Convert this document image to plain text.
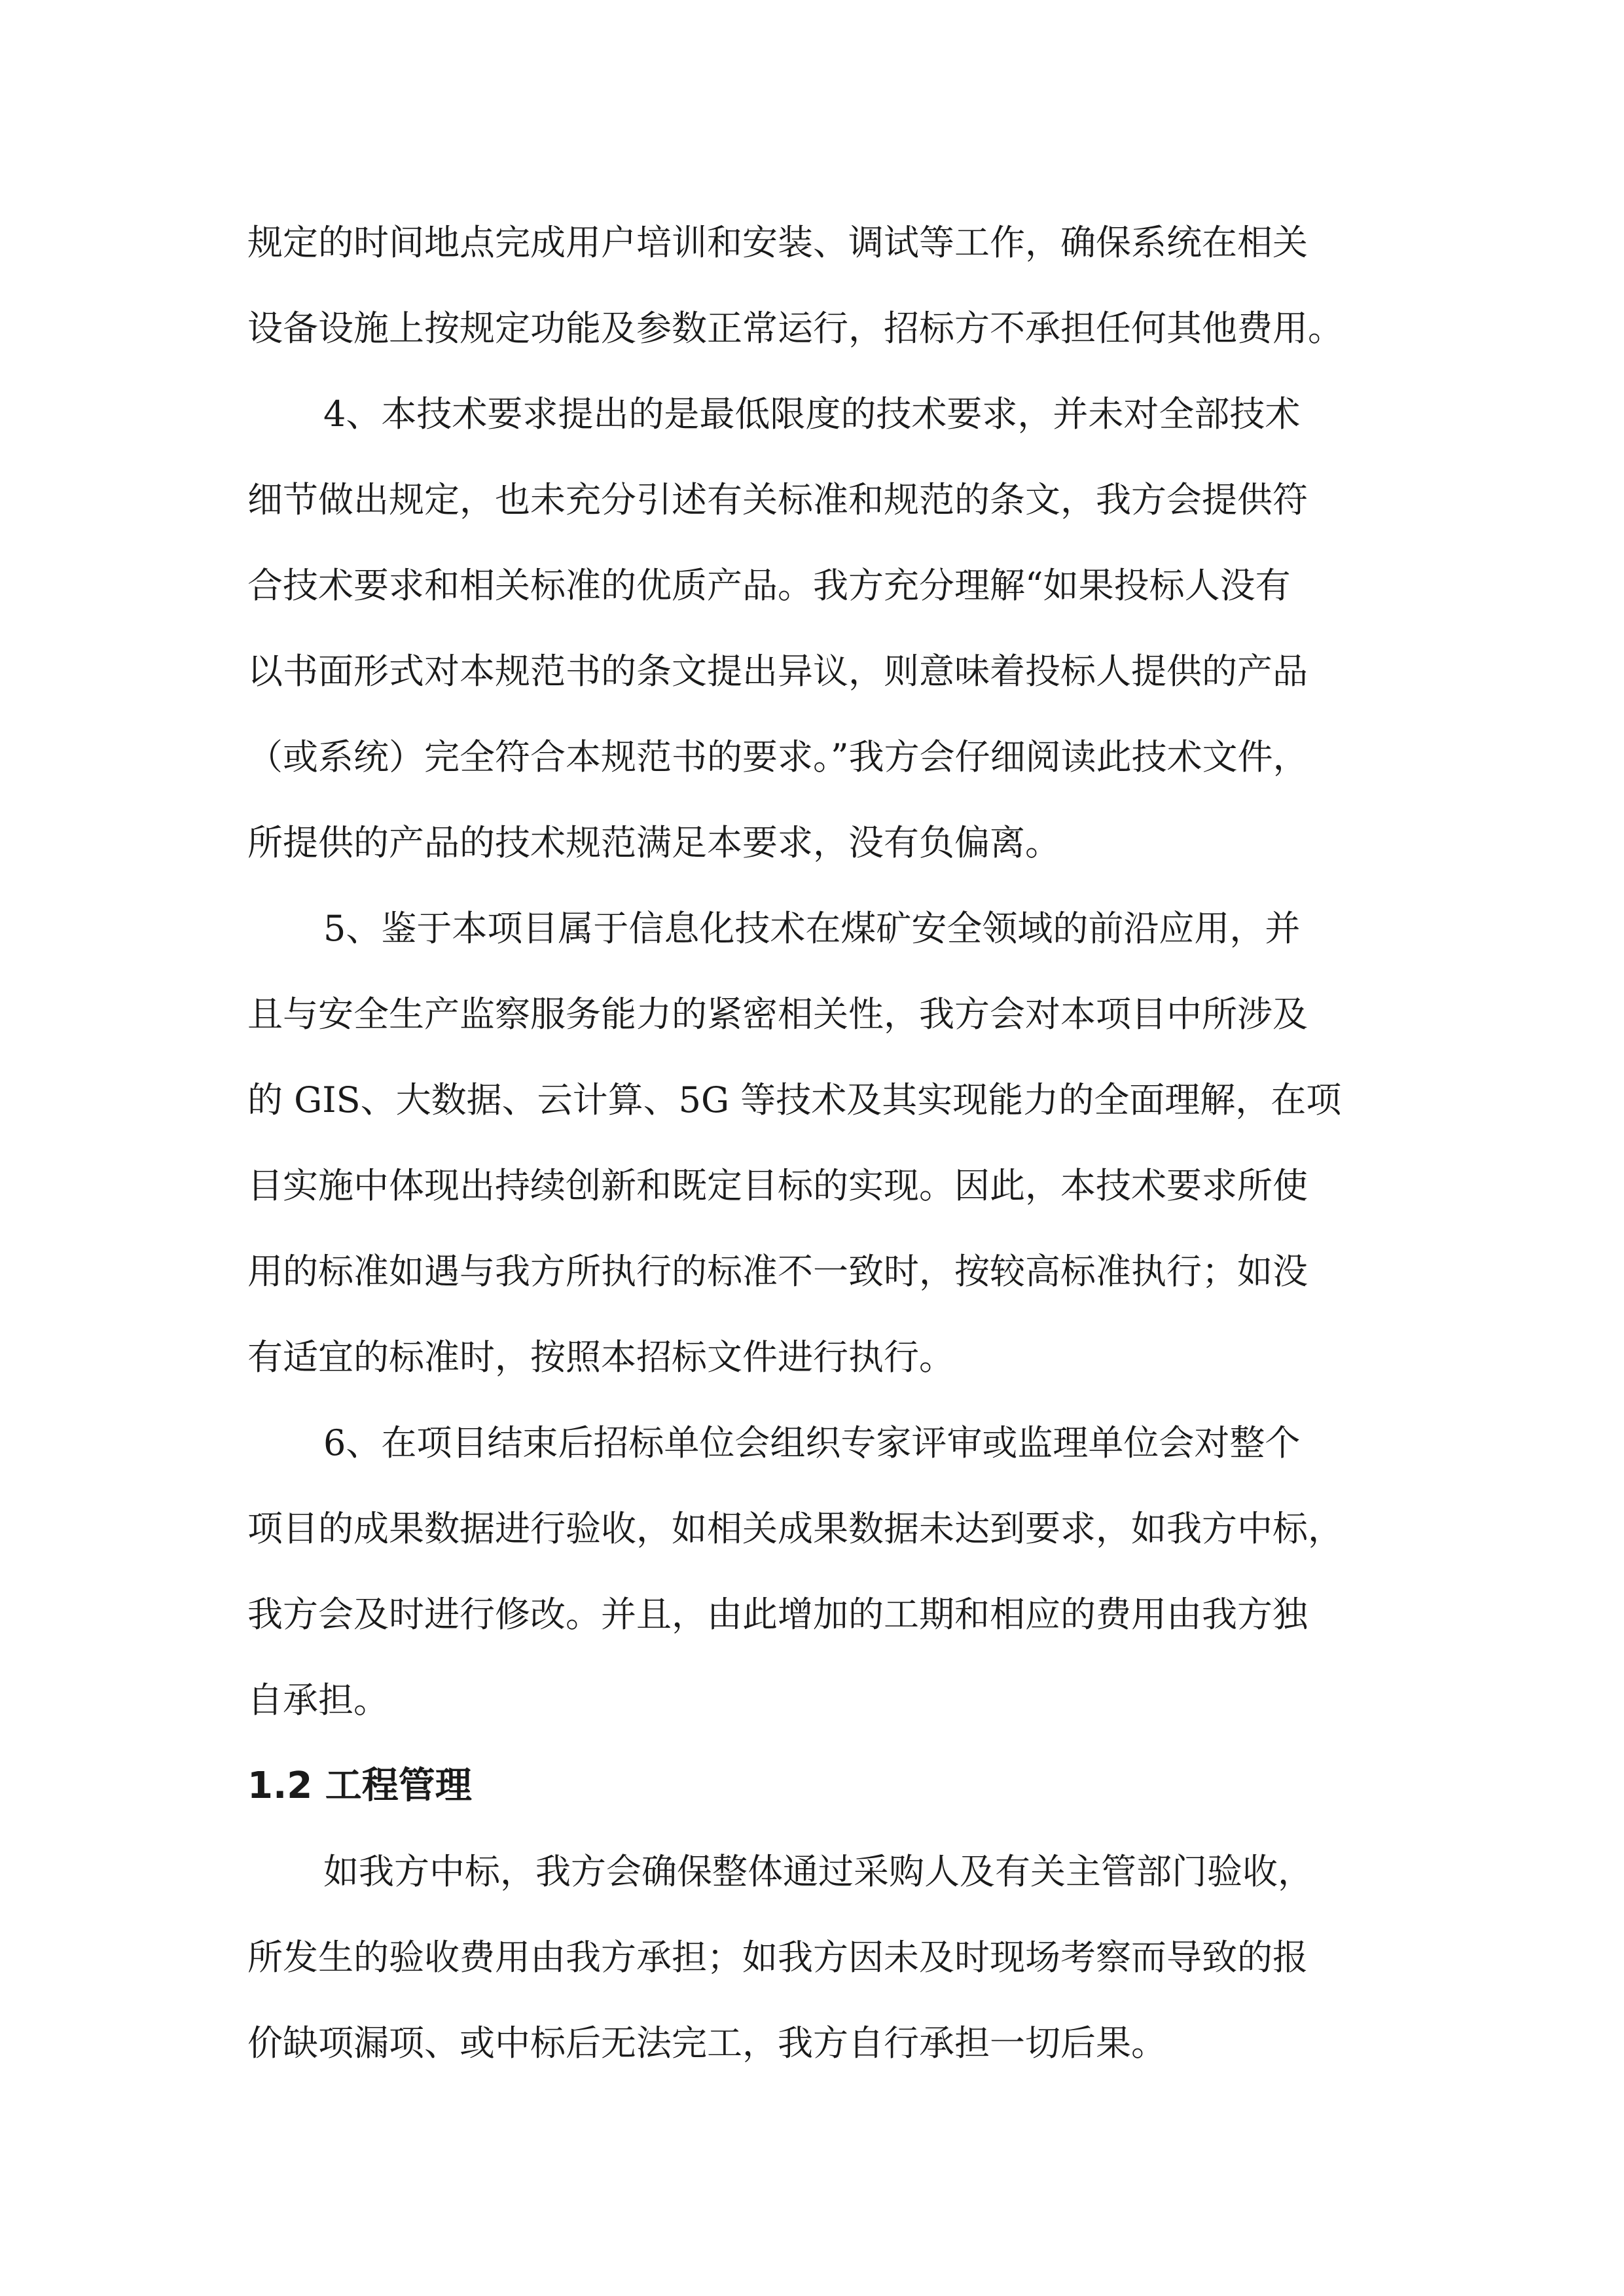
规定的时间地点完成用户培训和安装、调试等工作，确保系统在相关
设备设施上按规定功能及参数正常运行，招标方不承担任何其他费用。
4、本技术要求提出的是最低限度的技术要求，并未对全部技术
细节做出规定，也未充分引述有关标准和规范的条文，我方会提供符
合技术要求和相关标准的优质产品。我方充分理解“如果投标人没有
以书面形式对本规范书的条文提出异议，则意味着投标人提供的产品
（或系统）完全符合本规范书的要求。”我方会仔细阅读此技术文件，
所提供的产品的技术规范满足本要求，没有负偏离。
5、鉴于本项目属于信息化技术在煤矿安全领域的前沿应用，并
且与安全生产监察服务能力的紧密相关性，我方会对本项目中所涉及
的 GIS、大数据、云计算、5G 等技术及其实现能力的全面理解，在项
目实施中体现出持续创新和既定目标的实现。因此，本技术要求所使
用的标准如遇与我方所执行的标准不一致时，按较高标准执行；如没
有适宜的标准时，按照本招标文件进行执行。
6、在项目结束后招标单位会组织专家评审或监理单位会对整个
项目的成果数据进行验收，如相关成果数据未达到要求，如我方中标，
我方会及时进行修改。并且，由此增加的工期和相应的费用由我方独
自承担。
1.2 工程管理
如我方中标，我方会确保整体通过采购人及有关主管部门验收，
所发生的验收费用由我方承担；如我方因未及时现场考察而导致的报
价缺项漏项、或中标后无法完工，我方自行承担一切后果。
